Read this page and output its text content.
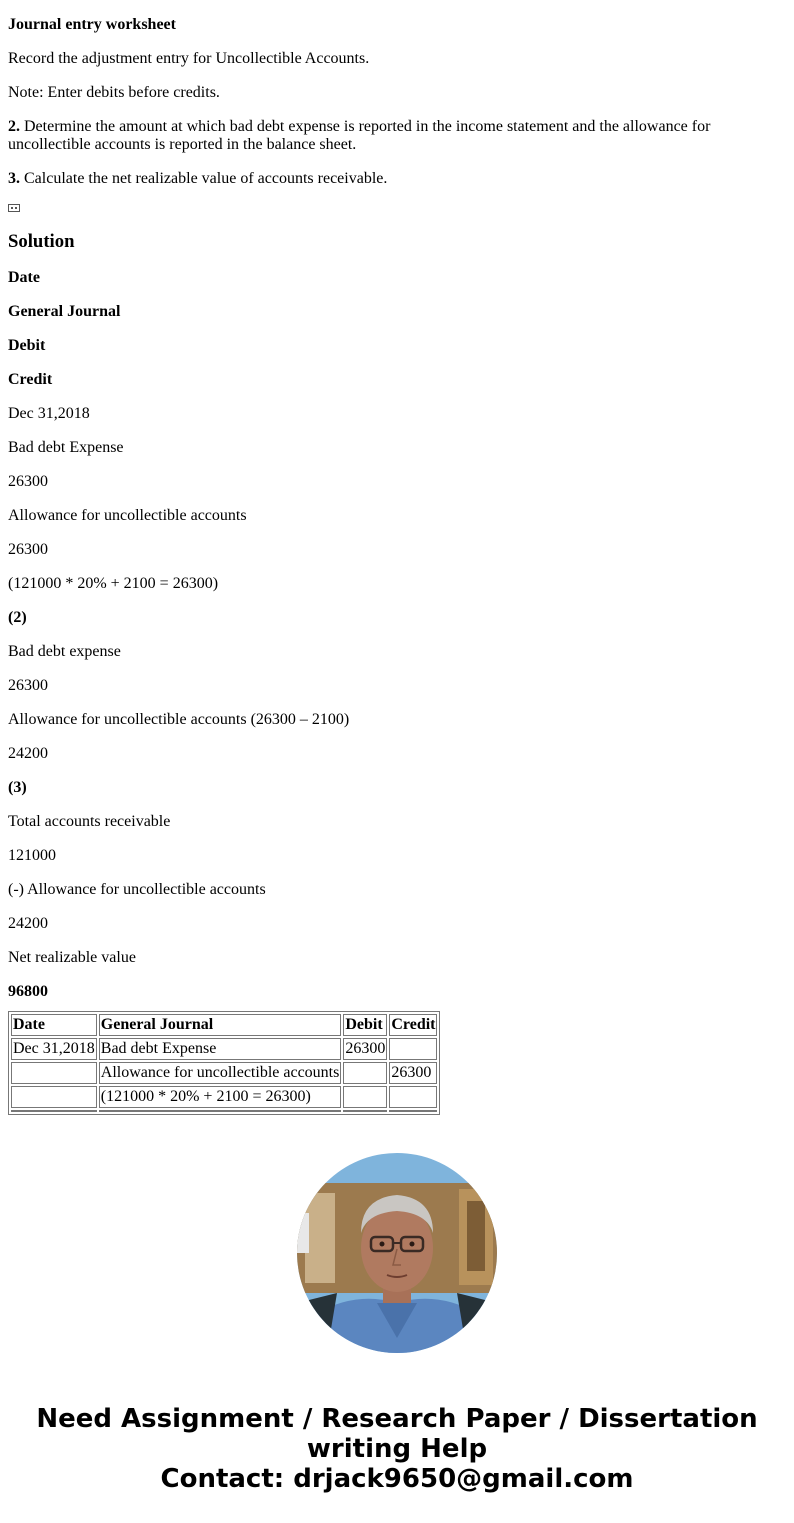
Journal entry worksheet

Record the adjustment entry for Uncollectible Accounts.

Note: Enter debits before credits.

2. Determine the amount at which bad debt expense is reported in the income statement and the allowance for uncollectible accounts is reported in the balance sheet.

3. Calculate the net realizable value of accounts receivable.

Solution

Date

General Journal

Debit

Credit

Dec 31,2018

Bad debt Expense

26300

Allowance for uncollectible accounts

26300

(121000 * 20% + 2100 = 26300)

(2)

Bad debt expense

26300

Allowance for uncollectible accounts (26300 – 2100)

24200

(3)

Total accounts receivable

121000

(-) Allowance for uncollectible accounts

24200

Net realizable value

96800

Date	General Journal	Debit	Credit
Dec 31,2018	Bad debt Expense	26300	
	Allowance for uncollectible accounts		26300
	(121000 * 20% + 2100 = 26300)		

Need Assignment / Research Paper / Dissertation
writing Help
Contact: drjack9650@gmail.com
